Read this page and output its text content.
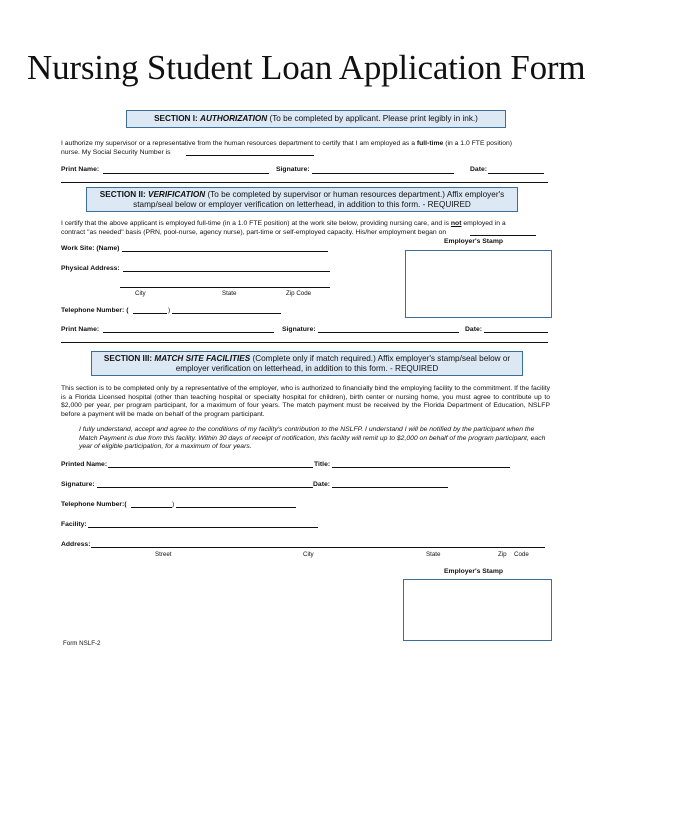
Nursing Student Loan Application Form
SECTION I: AUTHORIZATION (To be completed by applicant. Please print legibly in ink.)
I authorize my supervisor or a representative from the human resources department to certify that I am employed as a full-time (in a 1.0 FTE position)
nurse. My Social Security Number is
Print Name:	Signature:	Date:
SECTION II: VERIFICATION (To be completed by supervisor or human resources department.) Affix employer's
stamp/seal below or employer verification on letterhead, in addition to this form. - REQUIRED
I certify that the above applicant is employed full-time (in a 1.0 FTE position) at the work site below, providing nursing care, and is not employed in a
contract "as needed" basis (PRN, pool-nurse, agency nurse), part-time or self-employed capacity. His/her employment began on
Employer's Stamp
Work Site: (Name)
Physical Address:
City	State	Zip Code
Telephone Number: (	)
Print Name:	Signature:	Date:
SECTION III: MATCH SITE FACILITIES (Complete only if match required.) Affix employer's stamp/seal below or
employer verification on letterhead, in addition to this form. - REQUIRED
This section is to be completed only by a representative of the employer, who is authorized to financially bind the employing facility to the commitment. If the facility is a Florida Licensed hospital (other than teaching hospital or specialty hospital for children), birth center or nursing home, you must agree to contribute up to $2,000 per year, per program participant, for a maximum of four years. The match payment must be received by the Florida Department of Education, NSLFP before a payment will be made on behalf of the program participant.
I fully understand, accept and agree to the conditions of my facility's contribution to the NSLFP. I understand I will be notified by the participant when the Match Payment is due from this facility. Within 30 days of receipt of notification, this facility will remit up to $2,000 on behalf of the program participant, each year of eligible participation, for a maximum of four years.
Printed Name:	Title:
Signature:	Date:
Telephone Number:(	)
Facility:
Address:
Street	City	State	Zip Code
Employer's Stamp
Form NSLF-2
